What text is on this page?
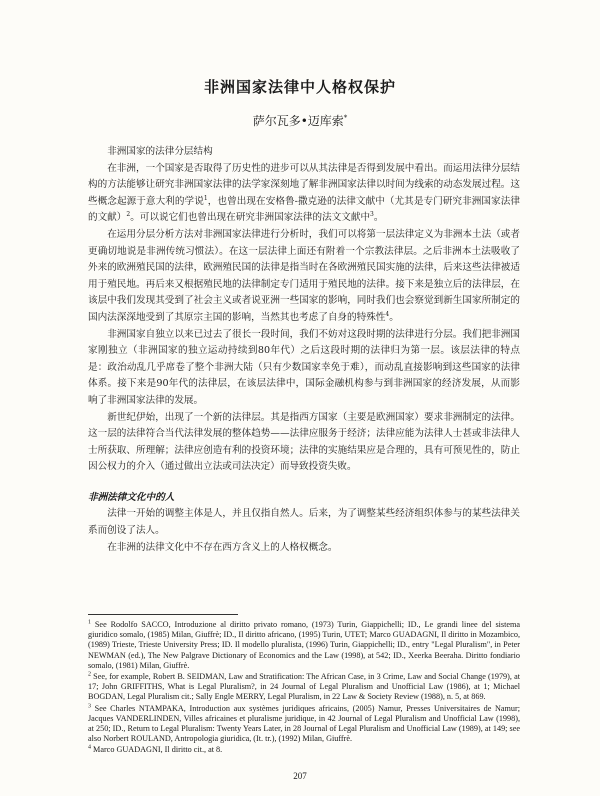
非洲国家法律中人格权保护
萨尔瓦多•迈库索*

非洲国家的法律分层结构

在非洲，一个国家是否取得了历史性的进步可以从其法律是否得到发展中看出。而运用法律分层结构的方法能够让研究非洲国家法律的法学家深刻地了解非洲国家法律以时间为线索的动态发展过程。这些概念起源于意大利的学说$^1$，也曾出现在安格鲁-撒克逊的法律文献中（尤其是专门研究非洲国家法律的文献）$^2$。可以说它们也曾出现在研究非洲国家法律的法文文献中$^3$。

在运用分层分析方法对非洲国家法律进行分析时，我们可以将第一层法律定义为非洲本土法（或者更确切地说是非洲传统习惯法）。在这一层法律上面还有附着一个宗教法律层。之后非洲本土法吸收了外来的欧洲殖民国的法律，欧洲殖民国的法律是指当时在各欧洲殖民国实施的法律，后来这些法律被适用于殖民地。再后来又根据殖民地的法律制定专门适用于殖民地的法律。接下来是独立后的法律层，在该层中我们发现其受到了社会主义或者说亚洲一些国家的影响，同时我们也会察觉到新生国家所制定的国内法深深地受到了其原宗主国的影响，当然其也考虑了自身的特殊性$^4$。

非洲国家自独立以来已过去了很长一段时间，我们不妨对这段时期的法律进行分层。我们把非洲国家刚独立（非洲国家的独立运动持续到80年代）之后这段时期的法律归为第一层。该层法律的特点是：政治动乱几乎席卷了整个非洲大陆（只有少数国家幸免于难），而动乱直接影响到这些国家的法律体系。接下来是90年代的法律层，在该层法律中，国际金融机构参与到非洲国家的经济发展，从而影响了非洲国家法律的发展。

新世纪伊始，出现了一个新的法律层。其是指西方国家（主要是欧洲国家）要求非洲制定的法律。这一层的法律符合当代法律发展的整体趋势——法律应服务于经济；法律应能为法律人士甚或非法律人士所获取、所理解；法律应创造有利的投资环境；法律的实施结果应是合理的，具有可预见性的，防止因公权力的介入（通过做出立法或司法决定）而导致投资失败。

非洲法律文化中的人

法律一开始的调整主体是人，并且仅指自然人。后来，为了调整某些经济组织体参与的某些法律关系而创设了法人。

在非洲的法律文化中不存在西方含义上的人格权概念。

$^1$ See Rodolfo SACCO, Introduzione al diritto privato romano, (1973) Turin, Giappichelli; ID., Le grandi linee del sistema giuridico somalo, (1985) Milan, Giuffrè; ID., Il diritto africano, (1995) Turin, UTET; Marco GUADAGNI, Il diritto in Mozambico, (1989) Trieste, Trieste University Press; ID. Il modello pluralista, (1996) Turin, Giappichelli; ID., entry "Legal Pluralism", in Peter NEWMAN (ed.), The New Palgrave Dictionary of Economics and the Law (1998), at 542; ID., Xeerka Beeraha. Diritto fondiario somalo, (1981) Milan, Giuffrè.

$^2$ See, for example, Robert B. SEIDMAN, Law and Stratification: The African Case, in 3 Crime, Law and Social Change (1979), at 17; John GRIFFITHS, What is Legal Pluralism?, in 24 Journal of Legal Pluralism and Unofficial Law (1986), at 1; Michael BOGDAN, Legal Pluralism cit.; Sally Engle MERRY, Legal Pluralism, in 22 Law & Society Review (1988), n. 5, at 869.

$^3$ See Charles NTAMPAKA, Introduction aux systèmes juridiques africains, (2005) Namur, Presses Universitaires de Namur; Jacques VANDERLINDEN, Villes africaines et pluralisme juridique, in 42 Journal of Legal Pluralism and Unofficial Law (1998), at 250; ID., Return to Legal Pluralism: Twenty Years Later, in 28 Journal of Legal Pluralism and Unofficial Law (1989), at 149; see also Norbert ROULAND, Antropologia giuridica, (It. tr.), (1992) Milan, Giuffrè.

$^4$ Marco GUADAGNI, Il diritto cit., at 8.

207
